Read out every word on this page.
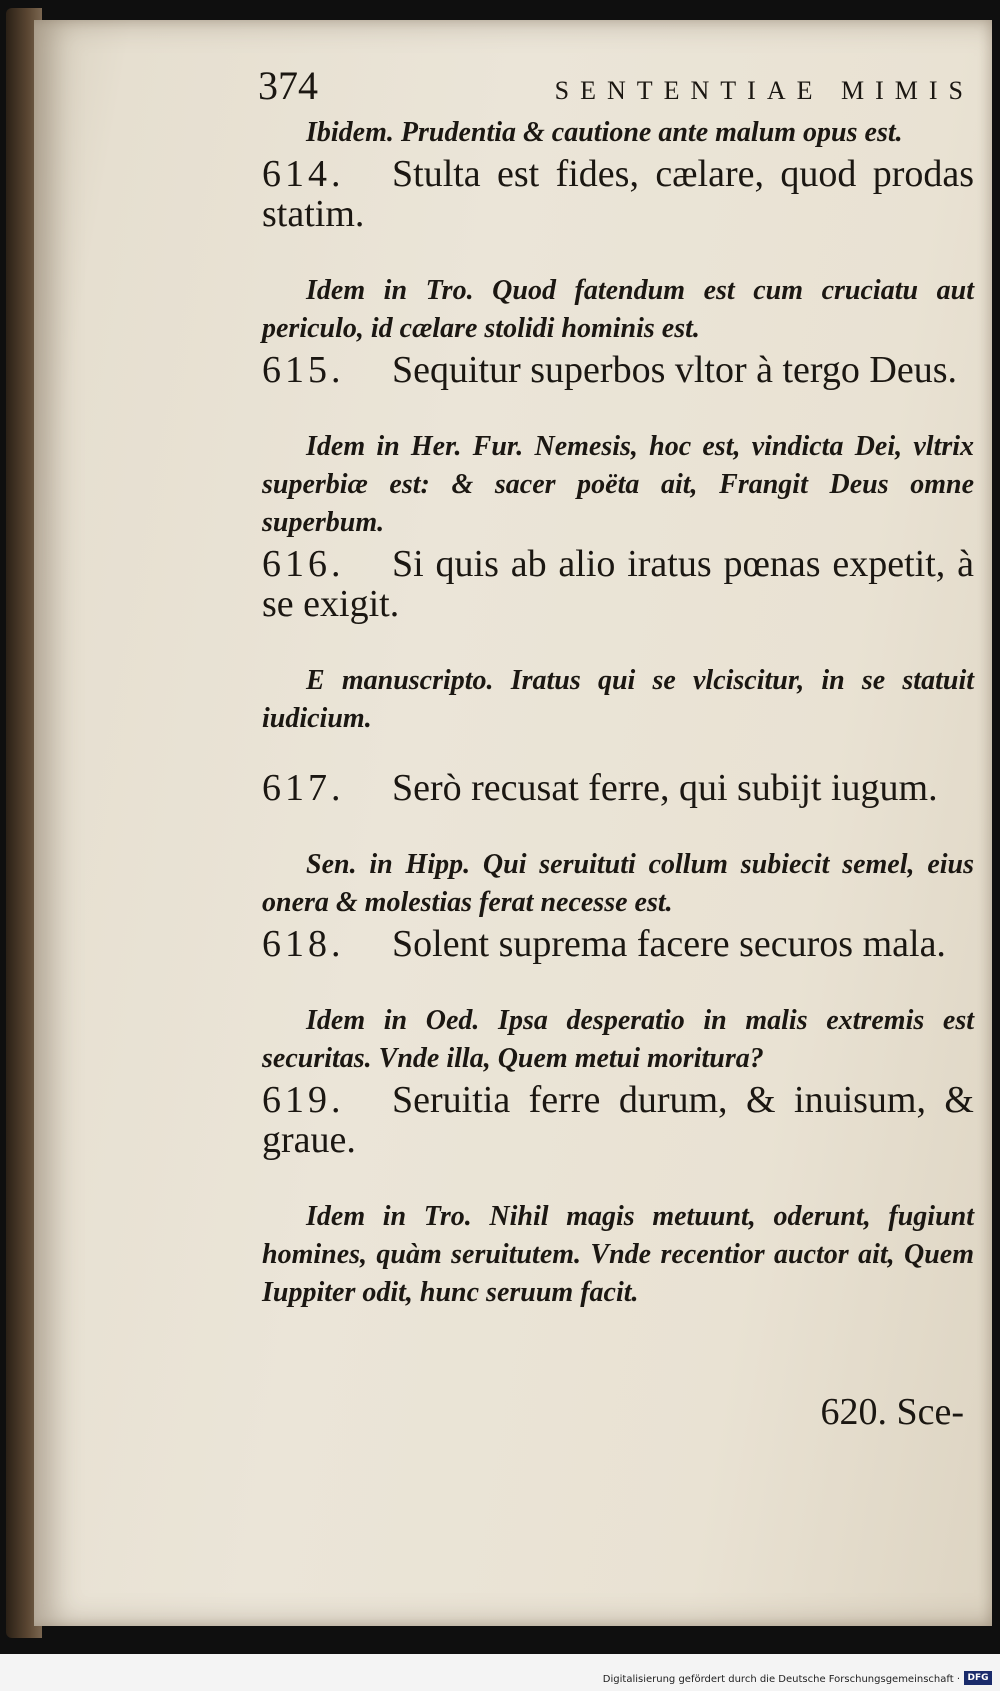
374	SENTENTIAE MIMIS

Ibidem. Prudentia & cautione ante malum opus est.

614. Stulta est fides, cælare, quod prodas statim.

Idem in Tro. Quod fatendum est cum cruciatu aut periculo, id cælare stolidi hominis est.

615. Sequitur superbos vltor à tergo Deus.

Idem in Her. Fur. Nemesis, hoc est, vindicta Dei, vltrix superbiæ est: & sacer poëta ait, Frangit Deus omne superbum.

616. Si quis ab alio iratus pœnas expetit, à se exigit.

E manuscripto. Iratus qui se vlciscitur, in se statuit iudicium.

617. Serò recusat ferre, qui subijt iugum.

Sen. in Hipp. Qui seruituti collum subiecit semel, eius onera & molestias ferat necesse est.

618. Solent suprema facere securos mala.

Idem in Oed. Ipsa desperatio in malis extremis est securitas. Vnde illa, Quem metui moritura?

619. Seruitia ferre durum, & inuisum, & graue.

Idem in Tro. Nihil magis metuunt, oderunt, fugiunt homines, quàm seruitutem. Vnde recentior auctor ait, Quem Iuppiter odit, hunc seruum facit.

620. Sce-
Digitalisierung gefördert durch die Deutsche Forschungsgemeinschaft · DFG
